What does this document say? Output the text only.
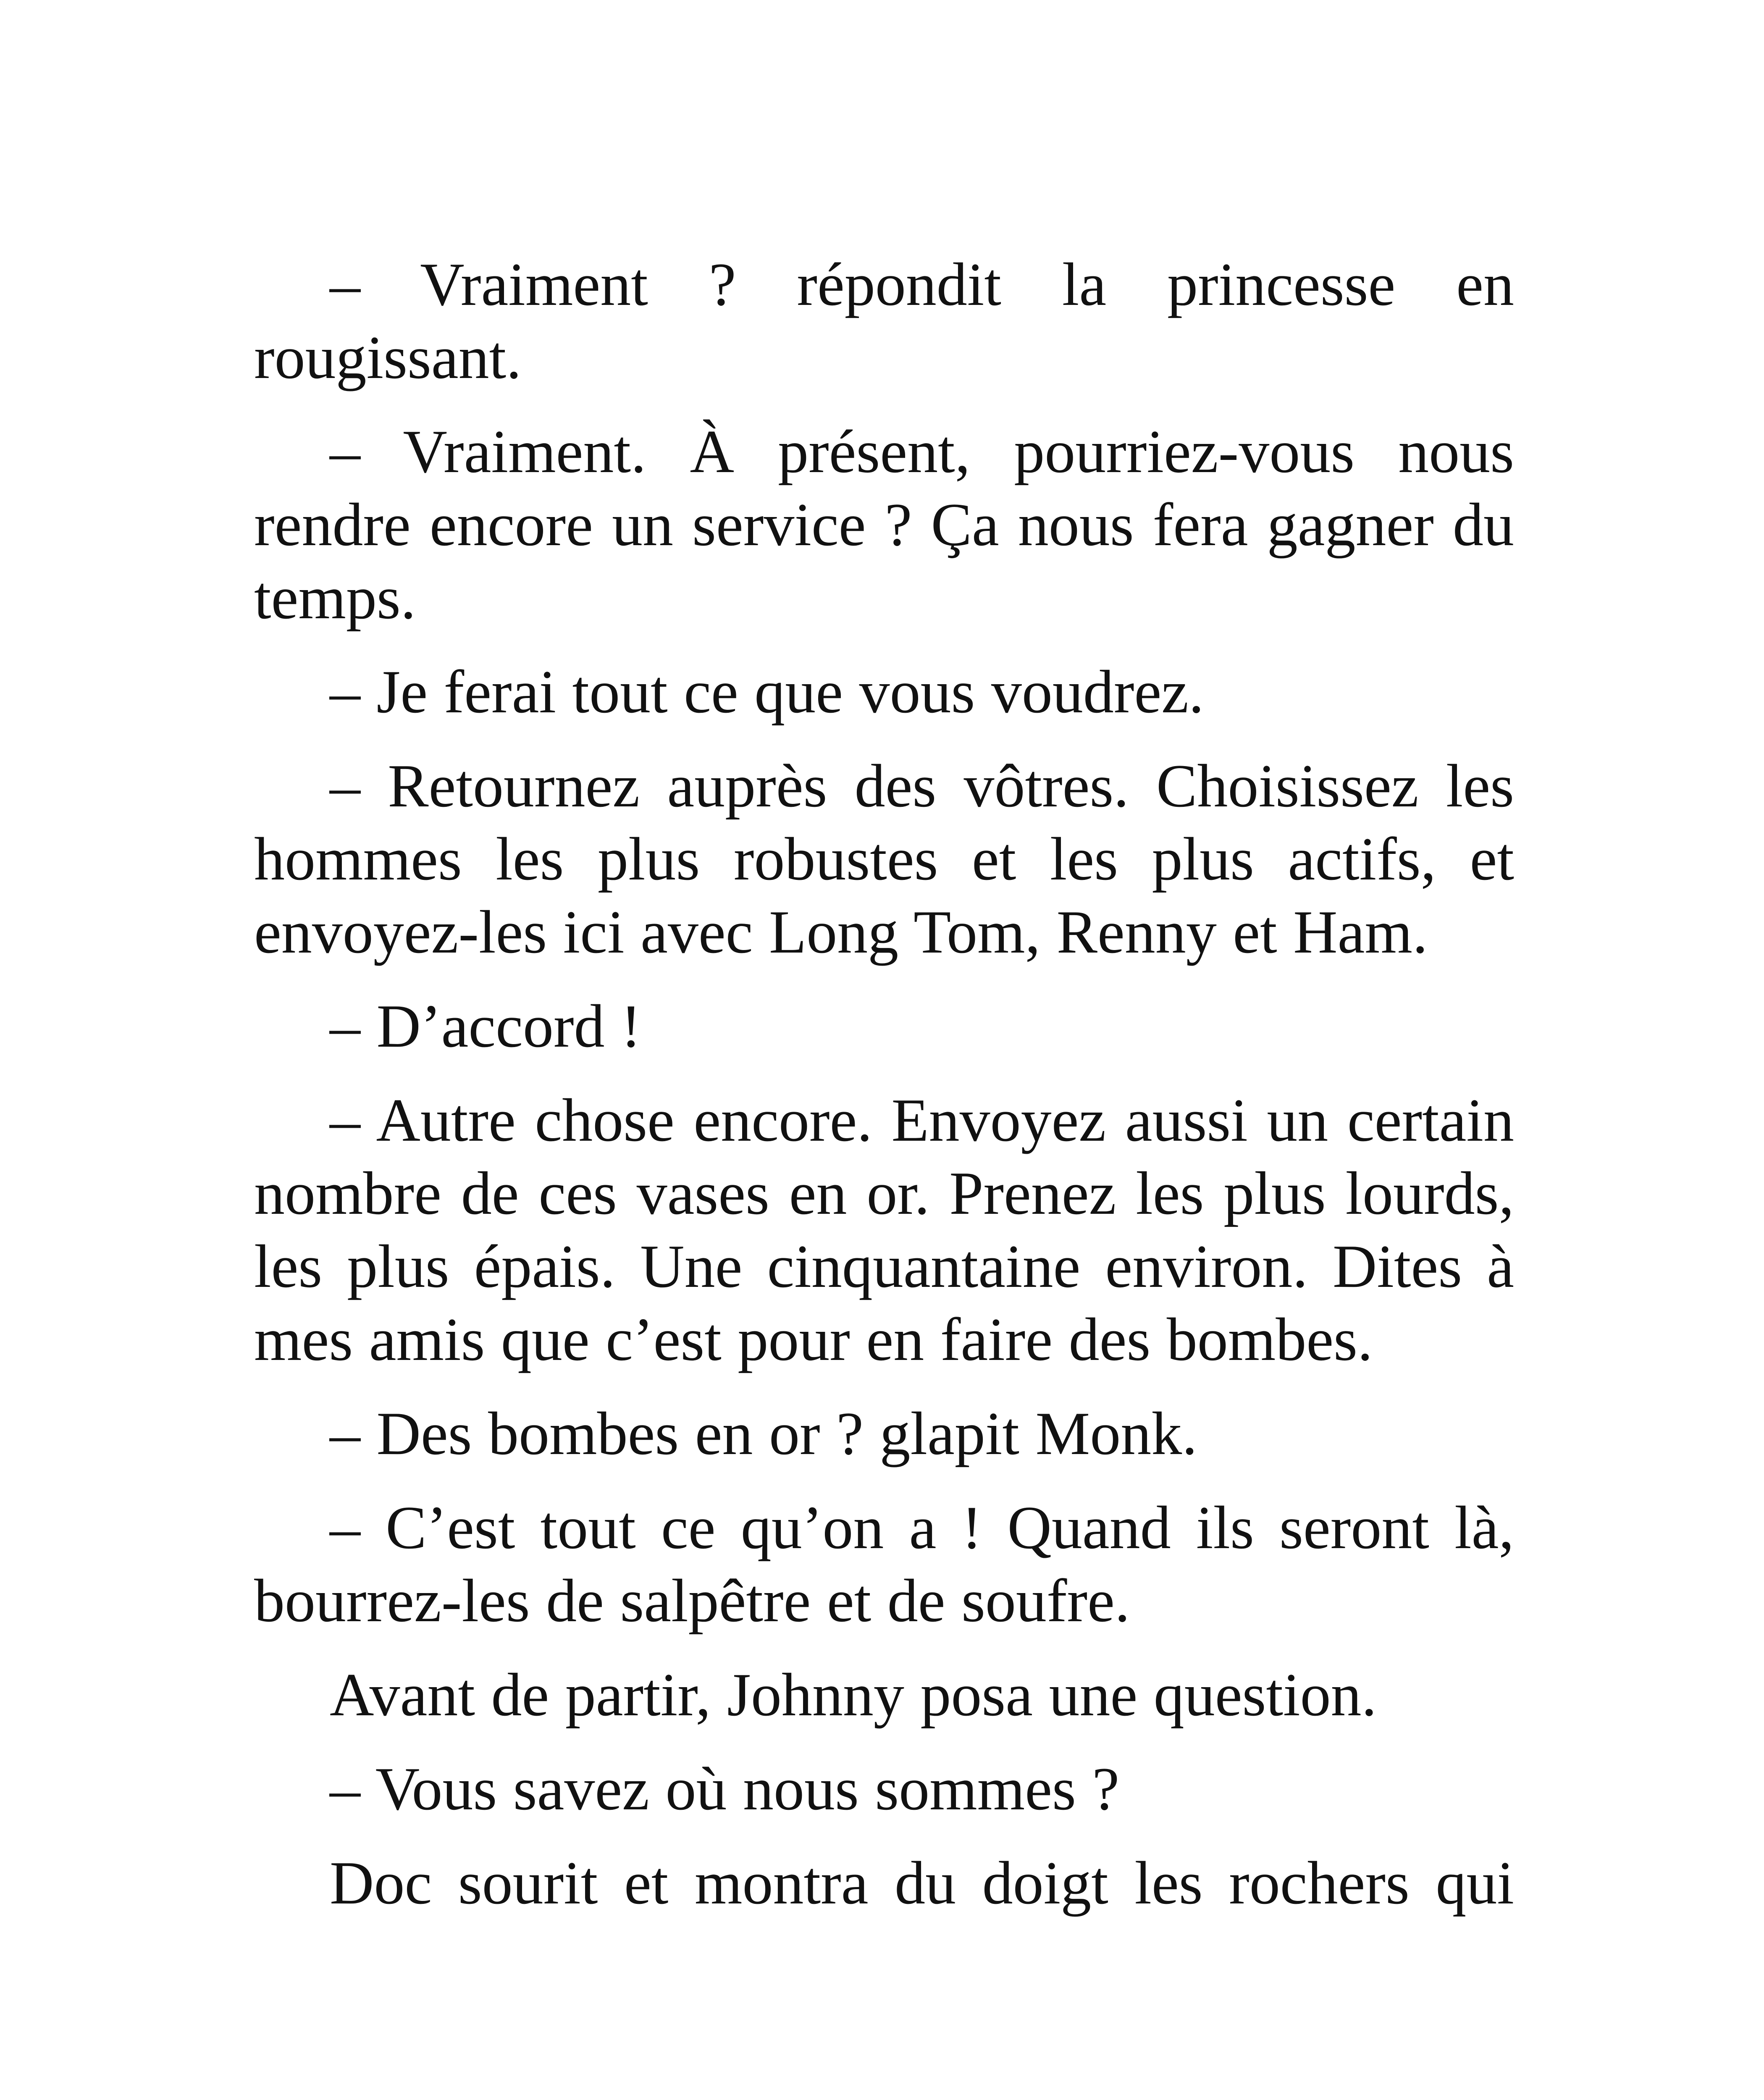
– Vraiment ? répondit la princesse en rougissant.

– Vraiment. À présent, pourriez-vous nous rendre encore un service ? Ça nous fera gagner du temps.

– Je ferai tout ce que vous voudrez.

– Retournez auprès des vôtres. Choisissez les hommes les plus robustes et les plus actifs, et envoyez-les ici avec Long Tom, Renny et Ham.

– D’accord !

– Autre chose encore. Envoyez aussi un certain nombre de ces vases en or. Prenez les plus lourds, les plus épais. Une cinquantaine environ. Dites à mes amis que c’est pour en faire des bombes.

– Des bombes en or ? glapit Monk.

– C’est tout ce qu’on a ! Quand ils seront là, bourrez-les de salpêtre et de soufre.

Avant de partir, Johnny posa une question.

– Vous savez où nous sommes ?

Doc sourit et montra du doigt les rochers qui
